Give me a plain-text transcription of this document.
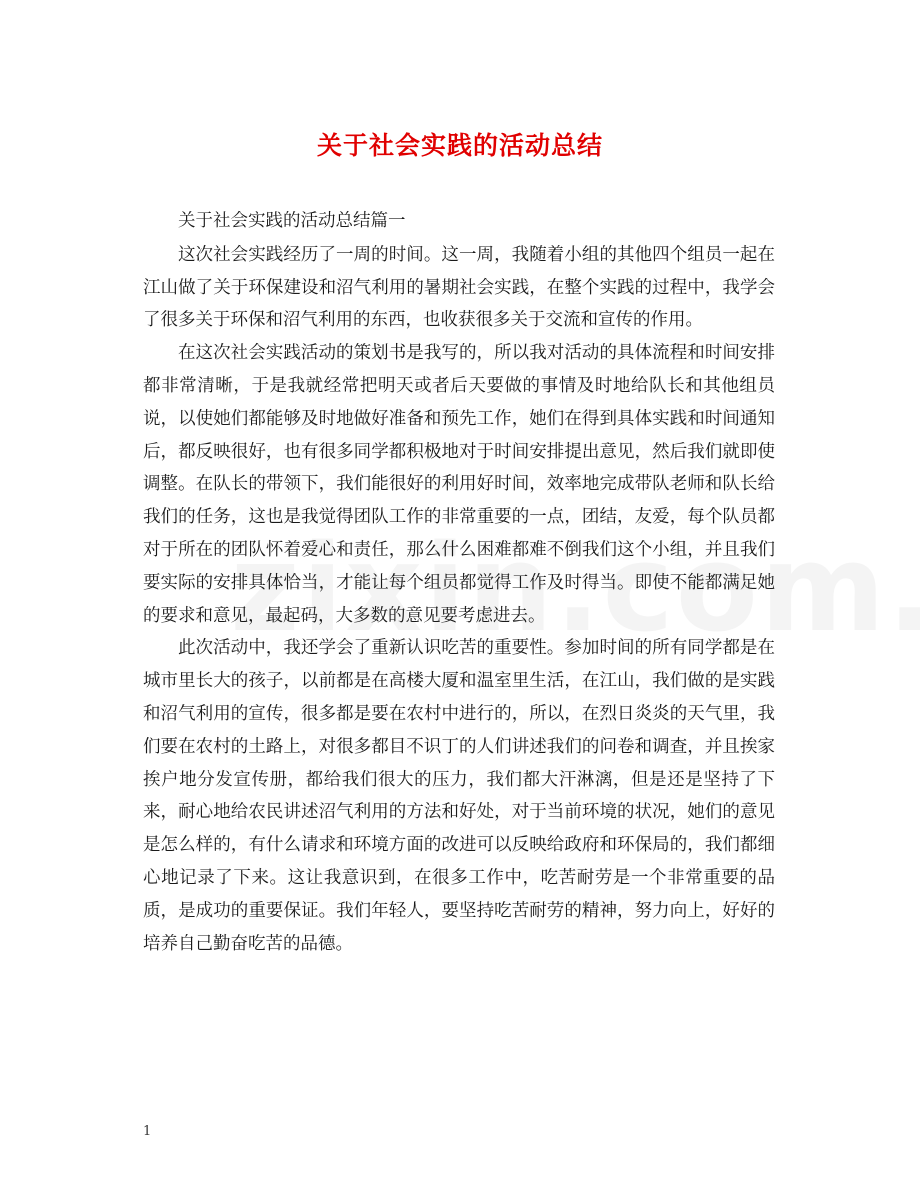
关于社会实践的活动总结

关于社会实践的活动总结篇一

这次社会实践经历了一周的时间。这一周，我随着小组的其他四个组员一起在江山做了关于环保建设和沼气利用的暑期社会实践，在整个实践的过程中，我学会了很多关于环保和沼气利用的东西，也收获很多关于交流和宣传的作用。

在这次社会实践活动的策划书是我写的，所以我对活动的具体流程和时间安排都非常清晰，于是我就经常把明天或者后天要做的事情及时地给队长和其他组员说，以使她们都能够及时地做好准备和预先工作，她们在得到具体实践和时间通知后，都反映很好，也有很多同学都积极地对于时间安排提出意见，然后我们就即使调整。在队长的带领下，我们能很好的利用好时间，效率地完成带队老师和队长给我们的任务，这也是我觉得团队工作的非常重要的一点，团结，友爱，每个队员都对于所在的团队怀着爱心和责任，那么什么困难都难不倒我们这个小组，并且我们要实际的安排具体恰当，才能让每个组员都觉得工作及时得当。即使不能都满足她的要求和意见，最起码，大多数的意见要考虑进去。

此次活动中，我还学会了重新认识吃苦的重要性。参加时间的所有同学都是在城市里长大的孩子，以前都是在高楼大厦和温室里生活，在江山，我们做的是实践和沼气利用的宣传，很多都是要在农村中进行的，所以，在烈日炎炎的天气里，我们要在农村的土路上，对很多都目不识丁的人们讲述我们的问卷和调查，并且挨家挨户地分发宣传册，都给我们很大的压力，我们都大汗淋漓，但是还是坚持了下来，耐心地给农民讲述沼气利用的方法和好处，对于当前环境的状况，她们的意见是怎么样的，有什么请求和环境方面的改进可以反映给政府和环保局的，我们都细心地记录了下来。这让我意识到，在很多工作中，吃苦耐劳是一个非常重要的品质，是成功的重要保证。我们年轻人，要坚持吃苦耐劳的精神，努力向上，好好的培养自己勤奋吃苦的品德。

1
